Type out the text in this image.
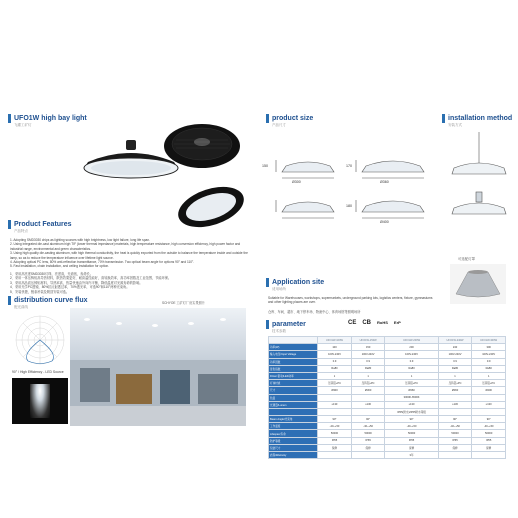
UFO1W high bay light
飞碟工矿灯
Product Features
产品特点
1. Adopting SMD3030 chips as lighting sources with high brightness, low light failure, long life span.
2. Using integrated die-cast aluminum high TIF (lower thermal impedance) materials, high temperature resistance, high conversion efficiency, high power factor and industrial range, environmental and green characteristics.
3. Using high quality die-casting aluminum, with high thermal conductivity, the heat is quickly exported from the outside to balance the temperature inside and outside the lamp, so as to reduce the temperature influence over lifetime light source.
4. Adopting optical PC lens, 80% anti-reflection transmittance, 70% transmission. Two optical beam angle for options 90° and 110°.
5. Fast installation, chain installation, and ceiling installation for option.
1、采用高亮度SMD3030灯珠，亮度高，光衰低，寿命长。
2、采用一体压铸铝高导热材料，散热效果更好，耐高温性能好，高转换效率，高功率因数及工业范围，节能环保。
3、采用高品质压铸铝材料，导热率高，热量快速由外向内平衡，降低温度对光源寿命的影响。
4、采用光学PC透镜，80%抗反射透过率，70%透光率，可选90°和110°两种光束角。
5、安装快捷，链条吊装及吸顶安装可选。
distribution curve flux
配光曲线
90° / High Efficiency - LED Source
SCHYOE 工矿灯厂房实景照片
product size
产品尺寸
installation method
安装方式
Ø300
150
Ø360
170
Ø400
180
可选配灯罩
Application site
适用场所
Suitable for Warehouses, workshops, supermarkets, underground parking lots, logistics centers, fixture, gymnasiums and other lighting places are over.
仓库、车间、超市、地下停车场、物流中心、体育场馆等照明场所
parameter
技术参数
CE CB RoHS ErP
	UFO1W-100W	UFO1W-150W	UFO1W-200W	UFO1W-240W	UFO1W-300W
功率(W)	100	150	200	240	300
输入电压/Input Voltage	100V-240V	100V-240V	100V-240V	100V-240V	100V-240V
功率因数	0.9	0.9	0.9	0.9	0.9
显色指数	Ra80	Ra80	Ra80	Ra80	Ra80
Driver 驱动/LED功率	1	1	1	1	1
灯体材质	压铸铝+PC	压铸铝+PC	压铸铝+PC	压铸铝+PC	压铸铝+PC
尺寸	Ø300	Ø300	Ø360	Ø360	Ø400
色温			3000K-6500K		
光通量/Lumen	≥130	≥130	≥130	≥130	≥130
			IP65(防水)/IP65防水等级		
Beam Angle/光束角	90°	90°	90°	90°	90°
工作温度	-40~+50	-40~+50	-40~+50	-40~+50	-40~+50
Lifespan/寿命	50000	50000	50000	50000	50000
防护等级	IP65	IP65	IP65	IP65	IP65
包装尺寸	保修	保修	保修	保修	保修
质保/Warranty			3年		
